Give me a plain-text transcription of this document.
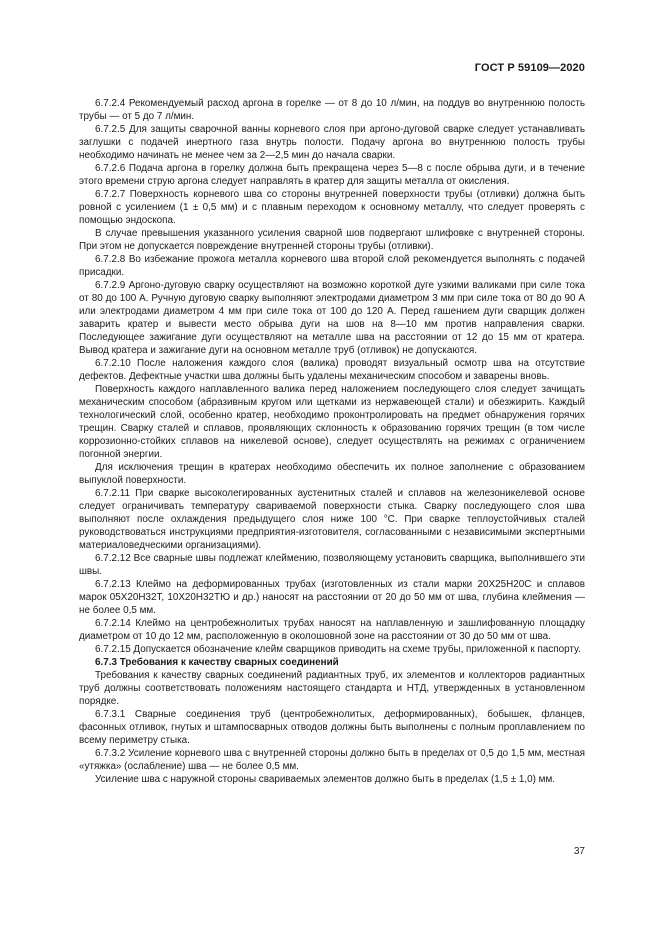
ГОСТ Р 59109—2020

6.7.2.4 Рекомендуемый расход аргона в горелке — от 8 до 10 л/мин, на поддув во внутреннюю полость трубы — от 5 до 7 л/мин.

6.7.2.5 Для защиты сварочной ванны корневого слоя при аргоно-дуговой сварке следует устанавливать заглушки с подачей инертного газа внутрь полости. Подачу аргона во внутреннюю полость трубы необходимо начинать не менее чем за 2—2,5 мин до начала сварки.

6.7.2.6 Подача аргона в горелку должна быть прекращена через 5—8 с после обрыва дуги, и в течение этого времени струю аргона следует направлять в кратер для защиты металла от окисления.

6.7.2.7 Поверхность корневого шва со стороны внутренней поверхности трубы (отливки) должна быть ровной с усилением (1 ± 0,5 мм) и с плавным переходом к основному металлу, что следует проверять с помощью эндоскопа.

В случае превышения указанного усиления сварной шов подвергают шлифовке с внутренней стороны. При этом не допускается повреждение внутренней стороны трубы (отливки).

6.7.2.8 Во избежание прожога металла корневого шва второй слой рекомендуется выполнять с подачей присадки.

6.7.2.9 Аргоно-дуговую сварку осуществляют на возможно короткой дуге узкими валиками при силе тока от 80 до 100 А. Ручную дуговую сварку выполняют электродами диаметром 3 мм при силе тока от 80 до 90 А или электродами диаметром 4 мм при силе тока от 100 до 120 А. Перед гашением дуги сварщик должен заварить кратер и вывести место обрыва дуги на шов на 8—10 мм против направления сварки. Последующее зажигание дуги осуществляют на металле шва на расстоянии от 12 до 15 мм от кратера. Вывод кратера и зажигание дуги на основном металле труб (отливок) не допускаются.

6.7.2.10 После наложения каждого слоя (валика) проводят визуальный осмотр шва на отсутствие дефектов. Дефектные участки шва должны быть удалены механическим способом и заварены вновь.

Поверхность каждого наплавленного валика перед наложением последующего слоя следует зачищать механическим способом (абразивным кругом или щетками из нержавеющей стали) и обезжирить. Каждый технологический слой, особенно кратер, необходимо проконтролировать на предмет обнаружения горячих трещин. Сварку сталей и сплавов, проявляющих склонность к образованию горячих трещин (в том числе коррозионно-стойких сплавов на никелевой основе), следует осуществлять на режимах с ограничением погонной энергии.

Для исключения трещин в кратерах необходимо обеспечить их полное заполнение с образованием выпуклой поверхности.

6.7.2.11 При сварке высоколегированных аустенитных сталей и сплавов на железоникелевой основе следует ограничивать температуру свариваемой поверхности стыка. Сварку последующего слоя шва выполняют после охлаждения предыдущего слоя ниже 100 °С. При сварке теплоустойчивых сталей руководствоваться инструкциями предприятия-изготовителя, согласованными с независимыми экспертными материаловедческими организациями).

6.7.2.12 Все сварные швы подлежат клеймению, позволяющему установить сварщика, выполнившего эти швы.

6.7.2.13 Клеймо на деформированных трубах (изготовленных из стали марки 20Х25Н20С и сплавов марок 05Х20Н32Т, 10Х20Н32ТЮ и др.) наносят на расстоянии от 20 до 50 мм от шва, глубина клеймения — не более 0,5 мм.

6.7.2.14 Клеймо на центробежнолитых трубах наносят на наплавленную и зашлифованную площадку диаметром от 10 до 12 мм, расположенную в околошовной зоне на расстоянии от 30 до 50 мм от шва.

6.7.2.15 Допускается обозначение клейм сварщиков приводить на схеме трубы, приложенной к паспорту.

6.7.3 Требования к качеству сварных соединений

Требования к качеству сварных соединений радиантных труб, их элементов и коллекторов радиантных труб должны соответствовать положениям настоящего стандарта и НТД, утвержденных в установленном порядке.

6.7.3.1 Сварные соединения труб (центробежнолитых, деформированных), бобышек, фланцев, фасонных отливок, гнутых и штампосварных отводов должны быть выполнены с полным проплавлением по всему периметру стыка.

6.7.3.2 Усиление корневого шва с внутренней стороны должно быть в пределах от 0,5 до 1,5 мм, местная «утяжка» (ослабление) шва — не более 0,5 мм.

Усиление шва с наружной стороны свариваемых элементов должно быть в пределах (1,5 ± 1,0) мм.

37
